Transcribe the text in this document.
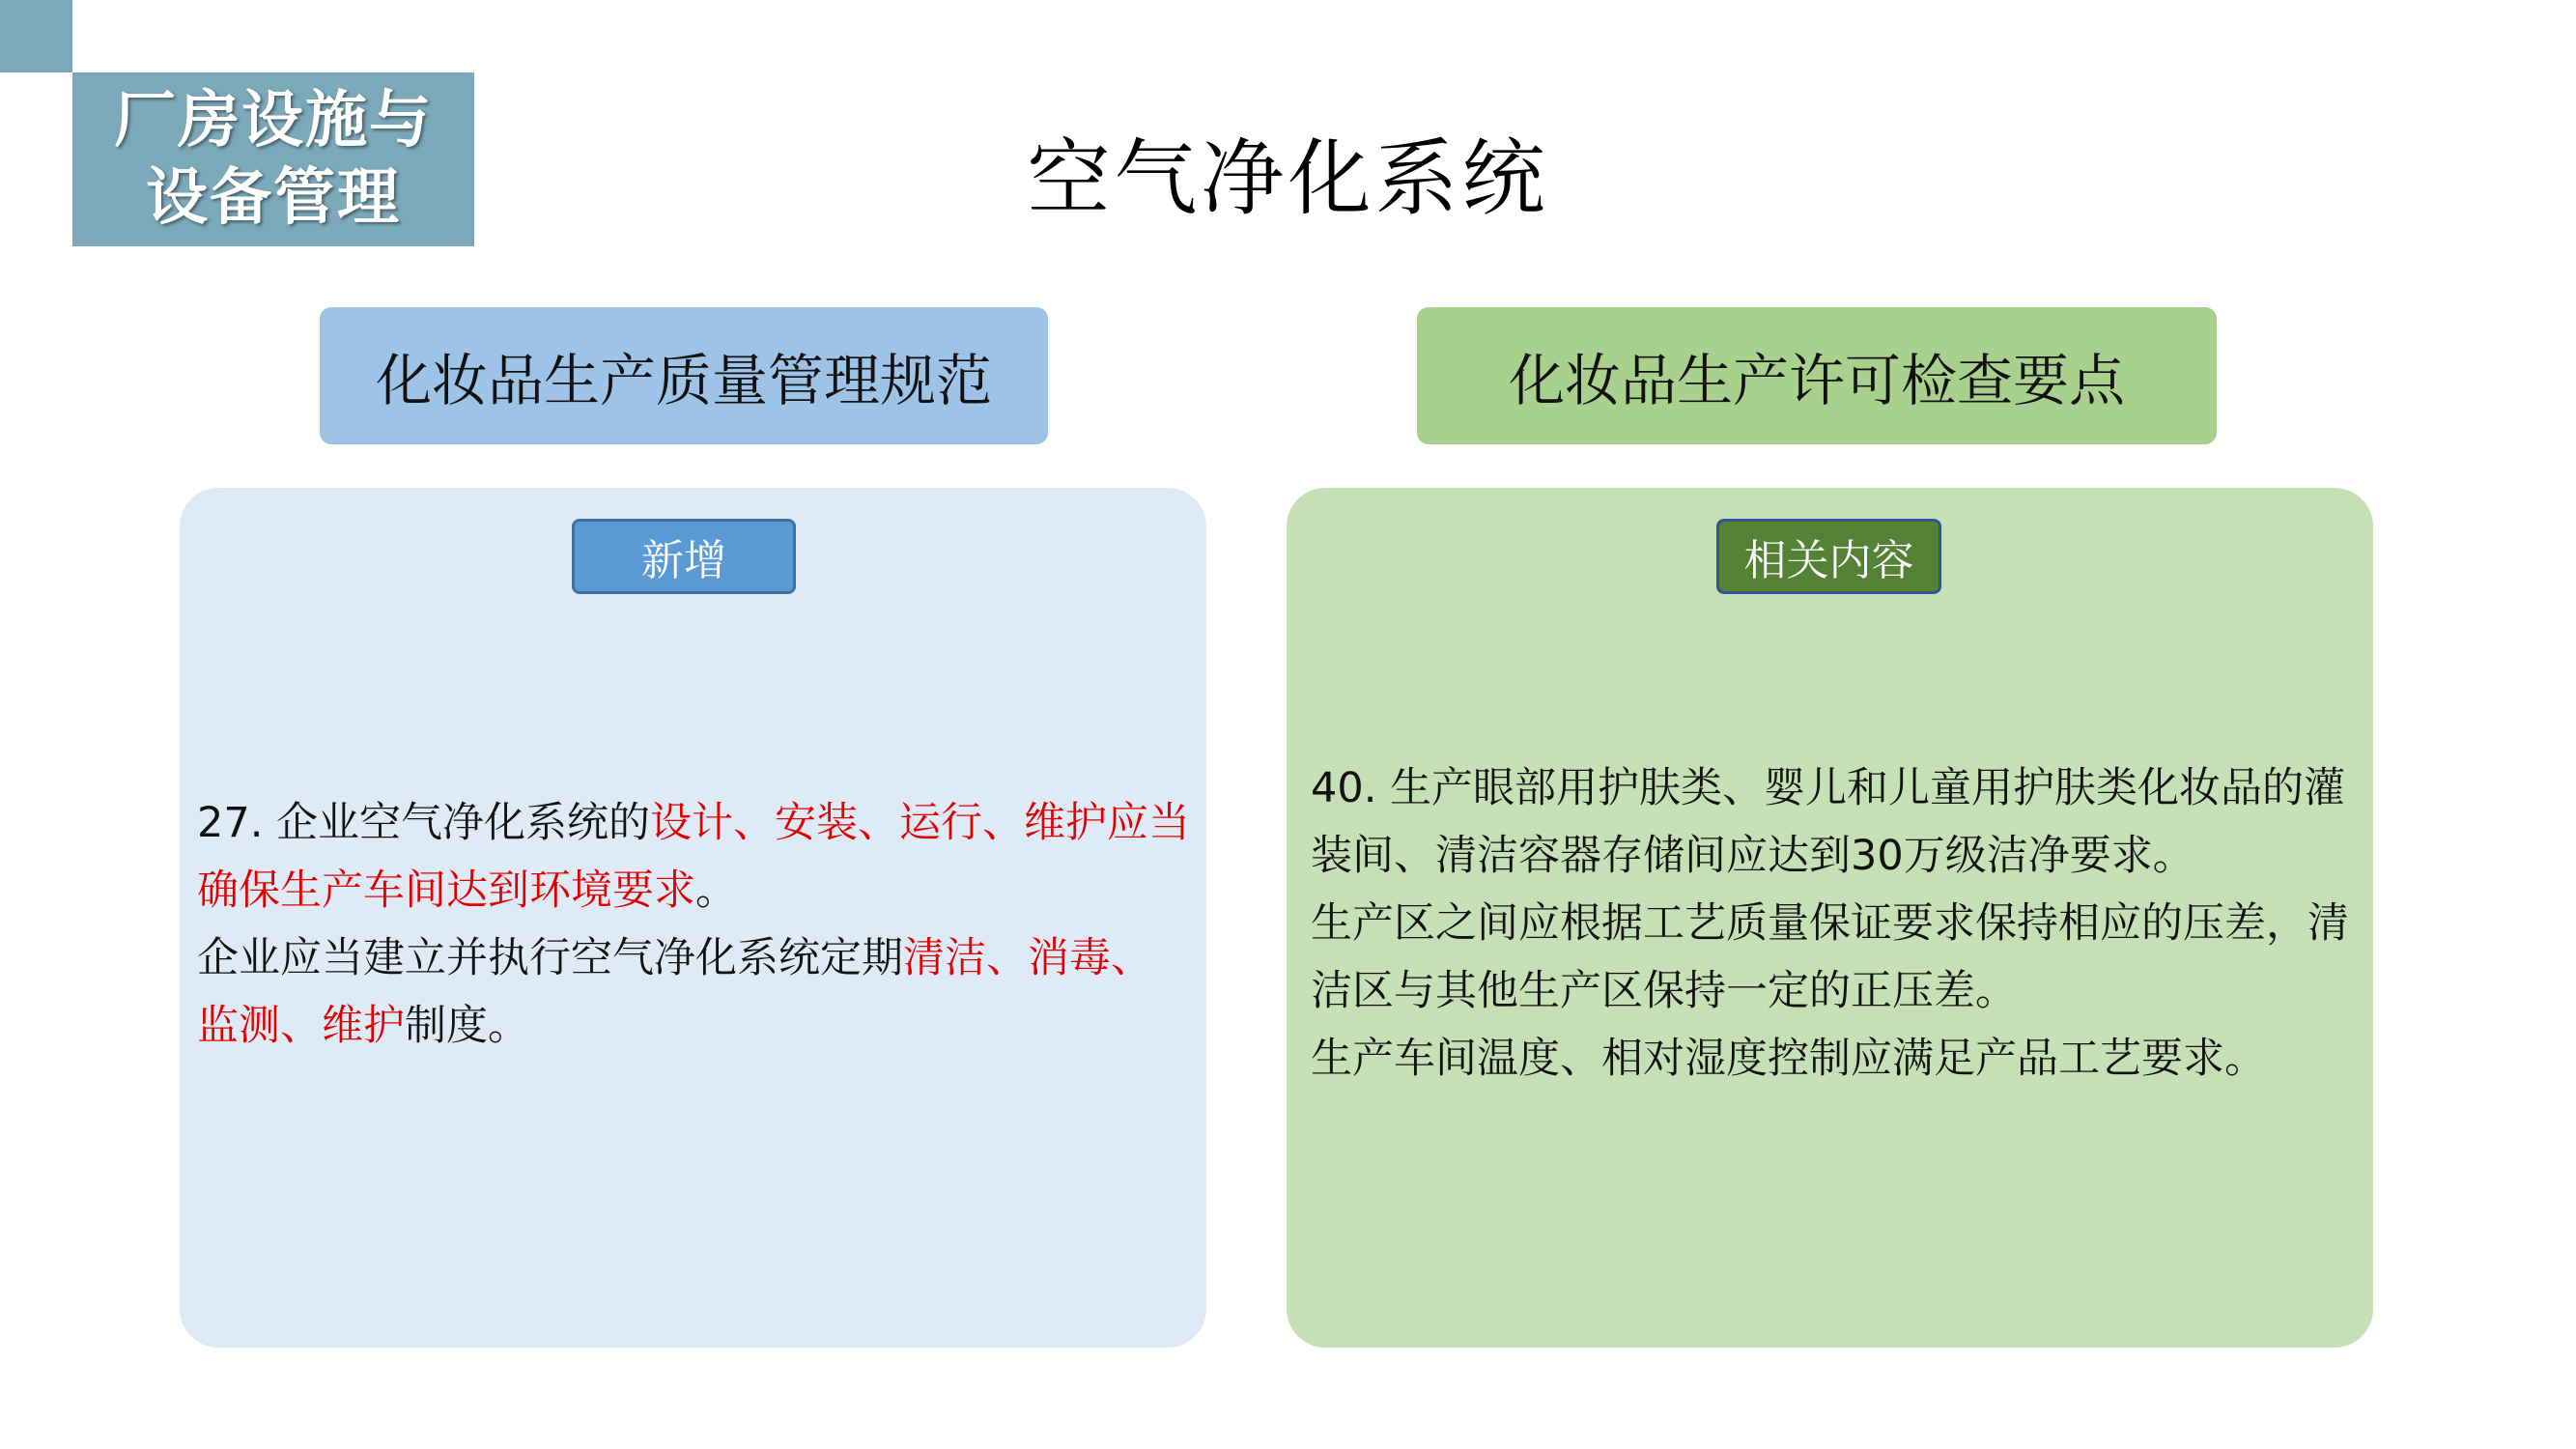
厂房设施与
设备管理	空气净化系统
化妆品生产质量管理规范	化妆品生产许可检查要点
新增

27. 企业空气净化系统的设计、安装、运行、维护应当确保生产车间达到环境要求。

企业应当建立并执行空气净化系统定期清洁、消毒、监测、维护制度。

相关内容

40. 生产眼部用护肤类、婴儿和儿童用护肤类化妆品的灌装间、清洁容器存储间应达到30万级洁净要求。

生产区之间应根据工艺质量保证要求保持相应的压差，清洁区与其他生产区保持一定的正压差。

生产车间温度、相对湿度控制应满足产品工艺要求。
